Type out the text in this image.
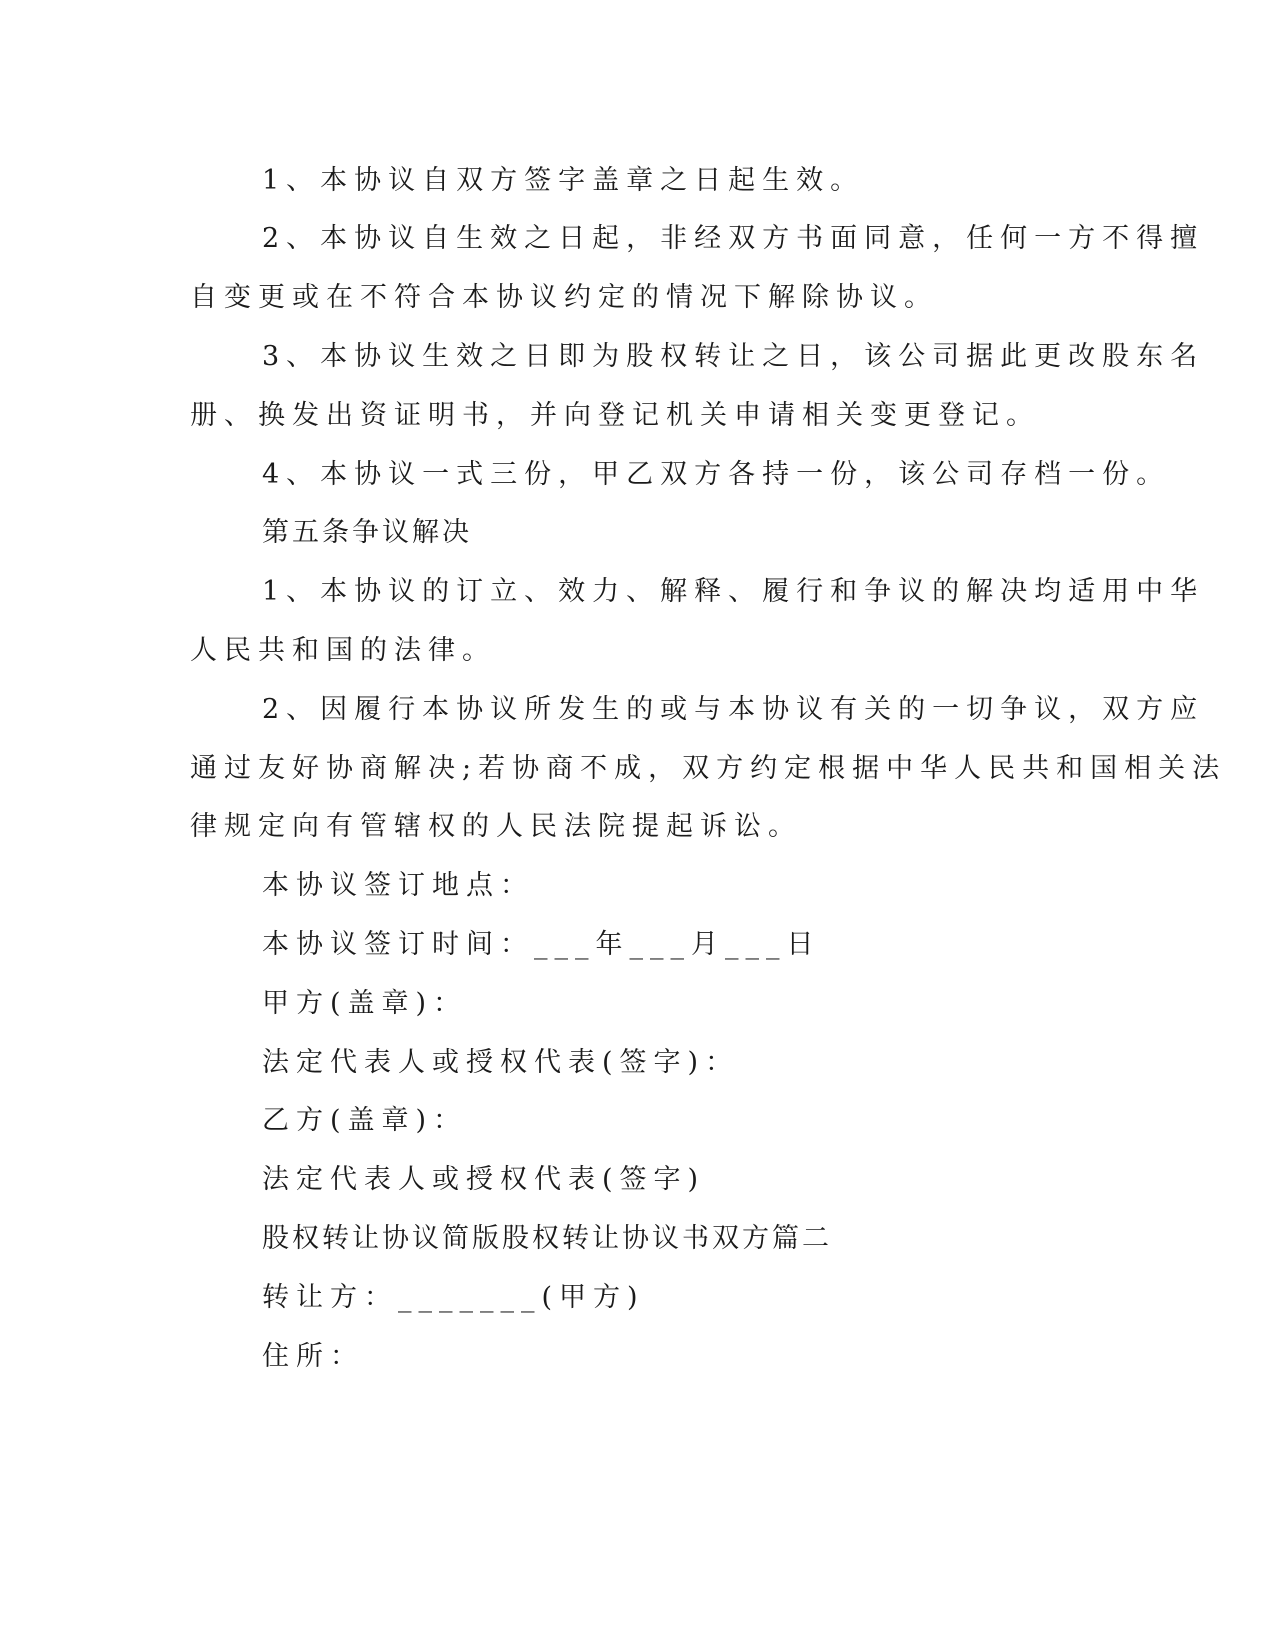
1、本协议自双方签字盖章之日起生效。
2、本协议自生效之日起，非经双方书面同意，任何一方不得擅
自变更或在不符合本协议约定的情况下解除协议。
3、本协议生效之日即为股权转让之日，该公司据此更改股东名
册、换发出资证明书，并向登记机关申请相关变更登记。
4、本协议一式三份，甲乙双方各持一份，该公司存档一份。
第五条争议解决
1、本协议的订立、效力、解释、履行和争议的解决均适用中华
人民共和国的法律。
2、因履行本协议所发生的或与本协议有关的一切争议，双方应
通过友好协商解决;若协商不成，双方约定根据中华人民共和国相关法
律规定向有管辖权的人民法院提起诉讼。
本协议签订地点：
本协议签订时间：___年___月___日
甲方(盖章)：
法定代表人或授权代表(签字)：
乙方(盖章)：
法定代表人或授权代表(签字)
股权转让协议简版股权转让协议书双方篇二
转让方：_______(甲方)
住所：
